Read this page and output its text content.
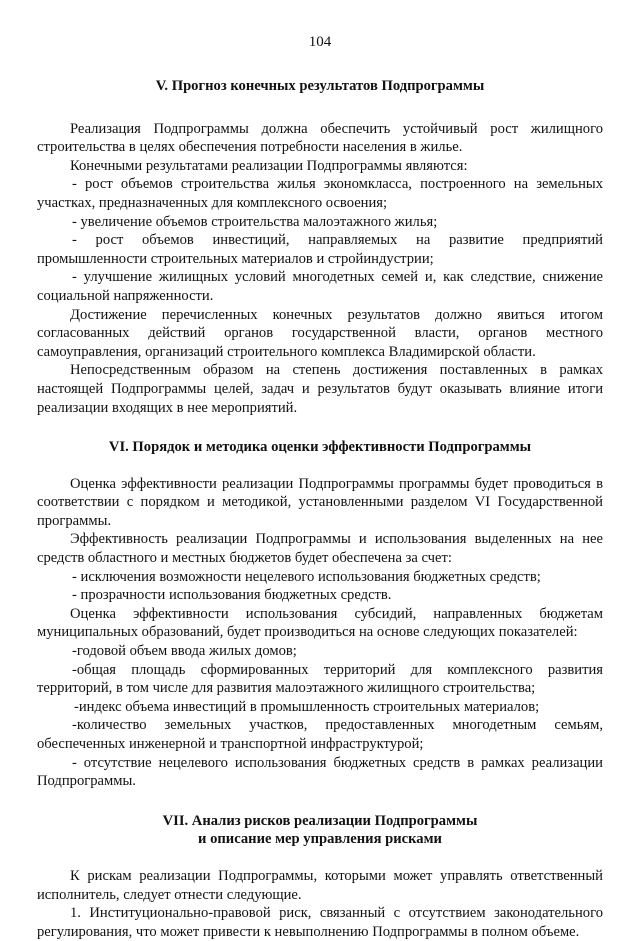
104
V. Прогноз конечных результатов Подпрограммы

Реализация Подпрограммы должна обеспечить устойчивый рост жилищного строительства в целях обеспечения потребности населения в жилье.

Конечными результатами реализации Подпрограммы являются:

- рост объемов строительства жилья экономкласса, построенного на земельных участках, предназначенных для комплексного освоения;

- увеличение объемов строительства малоэтажного жилья;

- рост объемов инвестиций, направляемых на развитие предприятий промышленности строительных материалов и стройиндустрии;

- улучшение жилищных условий многодетных семей и, как следствие, снижение социальной напряженности.

Достижение перечисленных конечных результатов должно явиться итогом согласованных действий органов государственной власти, органов местного самоуправления, организаций строительного комплекса Владимирской области.

Непосредственным образом на степень достижения поставленных в рамках настоящей Подпрограммы целей, задач и результатов будут оказывать влияние итоги реализации входящих в нее мероприятий.

VI. Порядок и методика оценки эффективности Подпрограммы

Оценка эффективности реализации Подпрограммы программы будет проводиться в соответствии с порядком и методикой, установленными разделом VI Государственной программы.

Эффективность реализации Подпрограммы и использования выделенных на нее средств областного и местных бюджетов будет обеспечена за счет:

- исключения возможности нецелевого использования бюджетных средств;

- прозрачности использования бюджетных средств.

Оценка эффективности использования субсидий, направленных бюджетам муниципальных образований, будет производиться на основе следующих показателей:

-годовой объем ввода жилых домов;

-общая площадь сформированных территорий для комплексного развития территорий, в том числе для развития малоэтажного жилищного строительства;

-индекс объема инвестиций в промышленность строительных материалов;

-количество земельных участков, предоставленных многодетным семьям, обеспеченных инженерной и транспортной инфраструктурой;

- отсутствие нецелевого использования бюджетных средств в рамках реализации Подпрограммы.

VII. Анализ рисков реализации Подпрограммы
и описание мер управления рисками

К рискам реализации Подпрограммы, которыми может управлять ответственный исполнитель, следует отнести следующие.

1. Институционально-правовой риск, связанный с отсутствием законодательного регулирования, что может привести к невыполнению Подпрограммы в полном объеме.
